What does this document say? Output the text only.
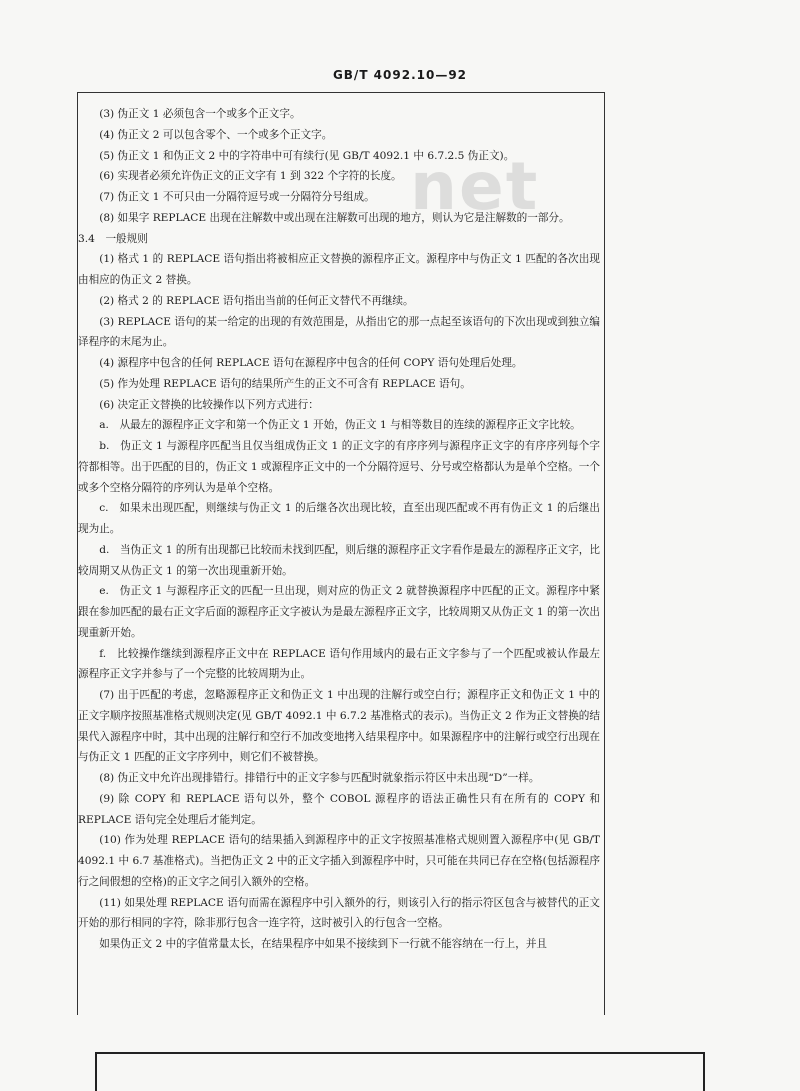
GB/T 4092.10—92
net

(3) 伪正文 1 必须包含一个或多个正文字。

(4) 伪正文 2 可以包含零个、一个或多个正文字。

(5) 伪正文 1 和伪正文 2 中的字符串中可有续行(见 GB/T 4092.1 中 6.7.2.5 伪正文)。

(6) 实现者必须允许伪正文的正文字有 1 到 322 个字符的长度。

(7) 伪正文 1 不可只由一分隔符逗号或一分隔符分号组成。

(8) 如果字 REPLACE 出现在注解数中或出现在注解数可出现的地方，则认为它是注解数的一部分。

3.4　一般规则

(1) 格式 1 的 REPLACE 语句指出将被相应正文替换的源程序正文。源程序中与伪正文 1 匹配的各次出现由相应的伪正文 2 替换。

(2) 格式 2 的 REPLACE 语句指出当前的任何正文替代不再继续。

(3) REPLACE 语句的某一给定的出现的有效范围是，从指出它的那一点起至该语句的下次出现或到独立编译程序的末尾为止。

(4) 源程序中包含的任何 REPLACE 语句在源程序中包含的任何 COPY 语句处理后处理。

(5) 作为处理 REPLACE 语句的结果所产生的正文不可含有 REPLACE 语句。

(6) 决定正文替换的比较操作以下列方式进行：

a.　从最左的源程序正文字和第一个伪正文 1 开始，伪正文 1 与相等数目的连续的源程序正文字比较。

b.　伪正文 1 与源程序匹配当且仅当组成伪正文 1 的正文字的有序序列与源程序正文字的有序序列每个字符都相等。出于匹配的目的，伪正文 1 或源程序正文中的一个分隔符逗号、分号或空格都认为是单个空格。一个或多个空格分隔符的序列认为是单个空格。

c.　如果未出现匹配，则继续与伪正文 1 的后继各次出现比较，直至出现匹配或不再有伪正文 1 的后继出现为止。

d.　当伪正文 1 的所有出现都已比较而未找到匹配，则后继的源程序正文字看作是最左的源程序正文字，比较周期又从伪正文 1 的第一次出现重新开始。

e.　伪正文 1 与源程序正文的匹配一旦出现，则对应的伪正文 2 就替换源程序中匹配的正文。源程序中紧跟在参加匹配的最右正文字后面的源程序正文字被认为是最左源程序正文字，比较周期又从伪正文 1 的第一次出现重新开始。

f.　比较操作继续到源程序正文中在 REPLACE 语句作用域内的最右正文字参与了一个匹配或被认作最左源程序正文字并参与了一个完整的比较周期为止。

(7) 出于匹配的考虑，忽略源程序正文和伪正文 1 中出现的注解行或空白行；源程序正文和伪正文 1 中的正文字顺序按照基准格式规则决定(见 GB/T 4092.1 中 6.7.2 基准格式的表示)。当伪正文 2 作为正文替换的结果代入源程序中时，其中出现的注解行和空行不加改变地拷入结果程序中。如果源程序中的注解行或空行出现在与伪正文 1 匹配的正文字序列中，则它们不被替换。

(8) 伪正文中允许出现排错行。排错行中的正文字参与匹配时就象指示符区中未出现“D”一样。

(9) 除 COPY 和 REPLACE 语句以外，整个 COBOL 源程序的语法正确性只有在所有的 COPY 和 REPLACE 语句完全处理后才能判定。

(10) 作为处理 REPLACE 语句的结果插入到源程序中的正文字按照基准格式规则置入源程序中(见 GB/T 4092.1 中 6.7 基准格式)。当把伪正文 2 中的正文字插入到源程序中时，只可能在共同已存在空格(包括源程序行之间假想的空格)的正文字之间引入额外的空格。

(11) 如果处理 REPLACE 语句而需在源程序中引入额外的行，则该引入行的指示符区包含与被替代的正文开始的那行相同的字符，除非那行包含一连字符，这时被引入的行包含一空格。

如果伪正文 2 中的字值常量太长，在结果程序中如果不接续到下一行就不能容纳在一行上，并且
